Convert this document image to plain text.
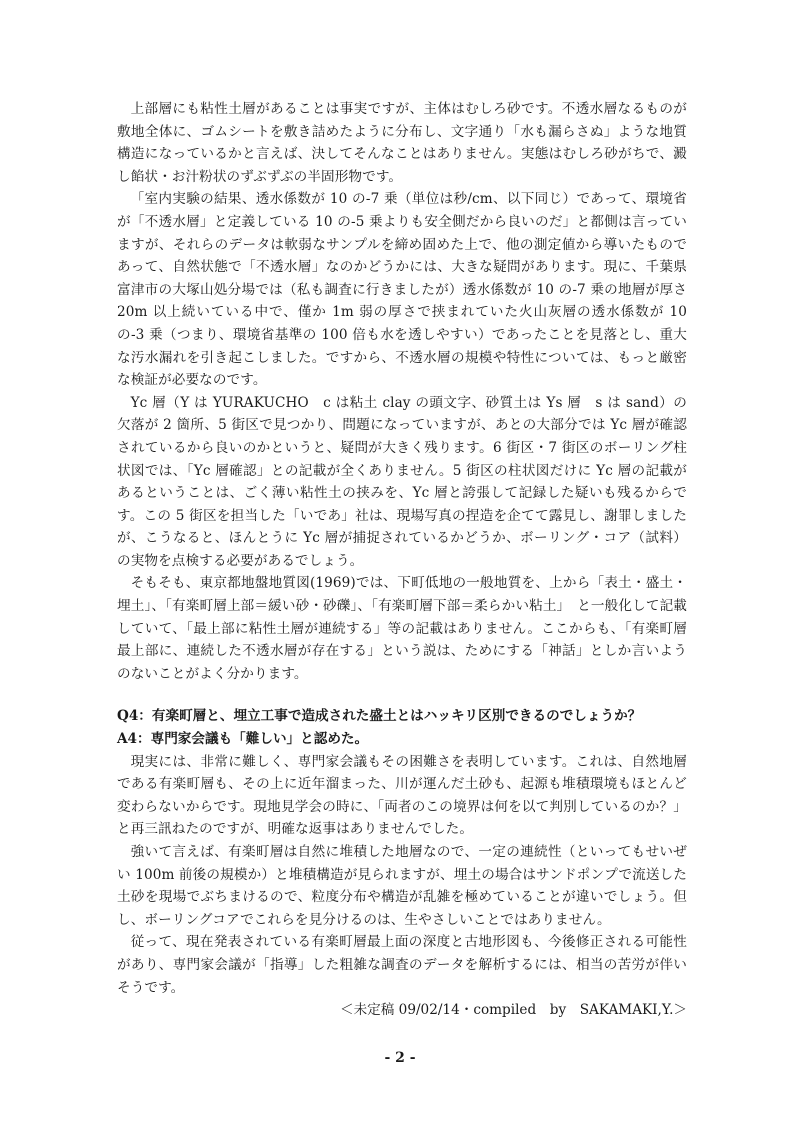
上部層にも粘性土層があることは事実ですが、主体はむしろ砂です。不透水層なるものが敷地全体に、ゴムシートを敷き詰めたように分布し、文字通り「水も漏らさぬ」ような地質構造になっているかと言えば、決してそんなことはありません。実態はむしろ砂がちで、澱し餡状・お汁粉状のずぶずぶの半固形物です。

「室内実験の結果、透水係数が 10 の-7 乗（単位は秒/cm、以下同じ）であって、環境省が「不透水層」と定義している 10 の-5 乗よりも安全側だから良いのだ」と都側は言っていますが、それらのデータは軟弱なサンプルを締め固めた上で、他の測定値から導いたものであって、自然状態で「不透水層」なのかどうかには、大きな疑問があります。現に、千葉県富津市の大塚山処分場では（私も調査に行きましたが）透水係数が 10 の-7 乗の地層が厚さ 20m 以上続いている中で、僅か 1m 弱の厚さで挟まれていた火山灰層の透水係数が 10 の-3 乗（つまり、環境省基準の 100 倍も水を透しやすい）であったことを見落とし、重大な汚水漏れを引き起こしました。ですから、不透水層の規模や特性については、もっと厳密な検証が必要なのです。

Yc 層（Y は YURAKUCHO　c は粘土 clay の頭文字、砂質土は Ys 層　s は sand）の欠落が 2 箇所、5 街区で見つかり、問題になっていますが、あとの大部分では Yc 層が確認されているから良いのかというと、疑問が大きく残ります。6 街区・7 街区のボーリング柱状図では、「Yc 層確認」との記載が全くありません。5 街区の柱状図だけに Yc 層の記載があるということは、ごく薄い粘性土の挟みを、Yc 層と誇張して記録した疑いも残るからです。この 5 街区を担当した「いであ」社は、現場写真の捏造を企てて露見し、謝罪しましたが、こうなると、ほんとうに Yc 層が捕捉されているかどうか、ボーリング・コア（試料）の実物を点検する必要があるでしょう。

そもそも、東京都地盤地質図(1969)では、下町低地の一般地質を、上から「表土・盛土・埋土」、「有楽町層上部＝緩い砂・砂礫」、「有楽町層下部＝柔らかい粘土」　と一般化して記載していて、「最上部に粘性土層が連続する」等の記載はありません。ここからも、「有楽町層最上部に、連続した不透水層が存在する」という説は、ためにする「神話」としか言いようのないことがよく分かります。

Q4：有楽町層と、埋立工事で造成された盛土とはハッキリ区別できるのでしょうか？

A4：専門家会議も「難しい」と認めた。

現実には、非常に難しく、専門家会議もその困難さを表明しています。これは、自然地層である有楽町層も、その上に近年溜まった、川が運んだ土砂も、起源も堆積環境もほとんど変わらないからです。現地見学会の時に、「両者のこの境界は何を以て判別しているのか？」と再三訊ねたのですが、明確な返事はありませんでした。

強いて言えば、有楽町層は自然に堆積した地層なので、一定の連続性（といってもせいぜい 100m 前後の規模か）と堆積構造が見られますが、埋土の場合はサンドポンプで流送した土砂を現場でぶちまけるので、粒度分布や構造が乱雑を極めていることが違いでしょう。但し、ボーリングコアでこれらを見分けるのは、生やさしいことではありません。

従って、現在発表されている有楽町層最上面の深度と古地形図も、今後修正される可能性があり、専門家会議が「指導」した粗雑な調査のデータを解析するには、相当の苦労が伴いそうです。

＜未定稿 09/02/14・compiled　by　SAKAMAKI,Y.＞

- 2 -
